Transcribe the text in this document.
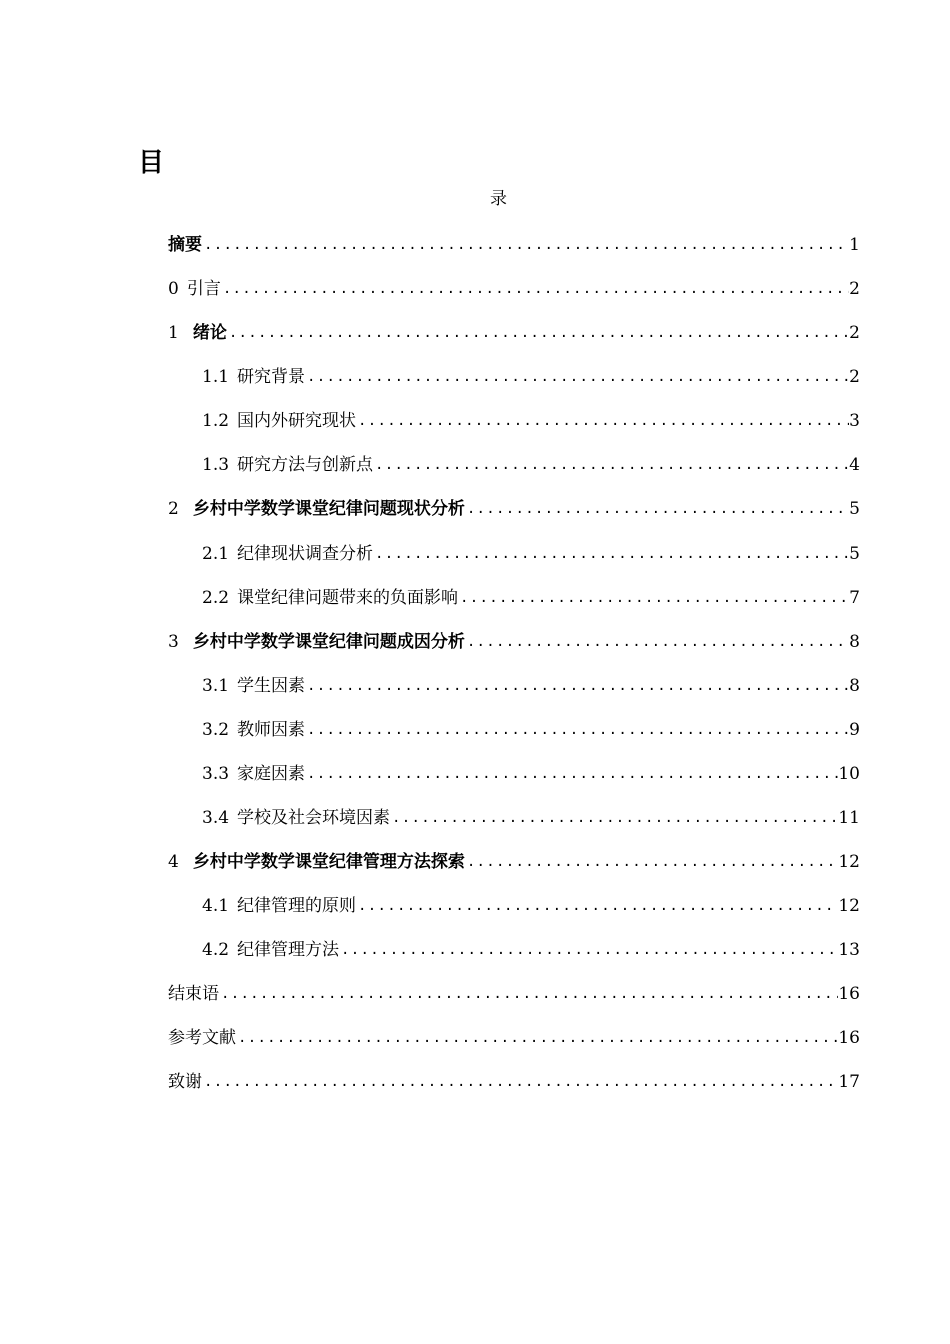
目
录
摘要 .....	1
0 引言 .....	2
1 绪论 .....	2
1.1 研究背景 .....	2
1.2 国内外研究现状 .....	3
1.3 研究方法与创新点 .....	4
2 乡村中学数学课堂纪律问题现状分析 .....	5
2.1 纪律现状调查分析 .....	5
2.2 课堂纪律问题带来的负面影响 .....	7
3 乡村中学数学课堂纪律问题成因分析 .....	8
3.1 学生因素 .....	8
3.2 教师因素 .....	9
3.3 家庭因素 .....	10
3.4 学校及社会环境因素 .....	11
4 乡村中学数学课堂纪律管理方法探索 .....	12
4.1 纪律管理的原则 .....	12
4.2 纪律管理方法 .....	13
结束语 .....	16
参考文献 .....	16
致谢 .....	17
